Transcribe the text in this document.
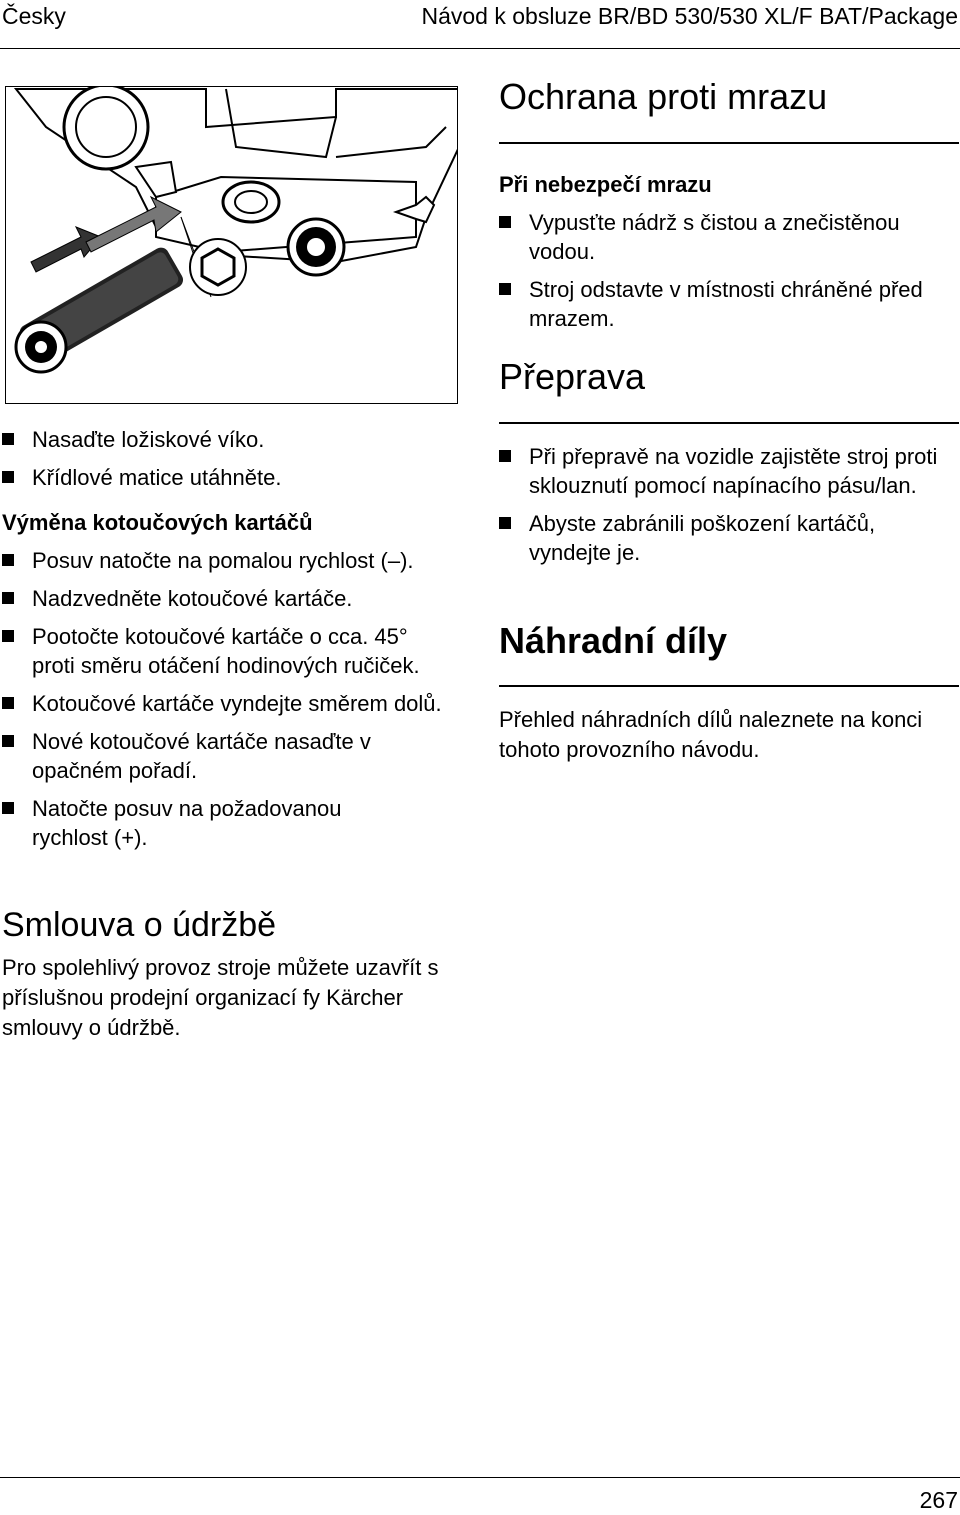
Česky	Návod k obsluze BR/BD 530/530 XL/F BAT/Package
Nasaďte ložiskové víko.
Křídlové matice utáhněte.
Výměna kotoučových kartáčů
Posuv natočte na pomalou rychlost (–).
Nadzvedněte kotoučové kartáče.
Pootočte kotoučové kartáče o cca. 45° proti směru otáčení hodinových ručiček.
Kotoučové kartáče vyndejte směrem dolů.
Nové kotoučové kartáče nasaďte v opačném pořadí.
Natočte posuv na požadovanou rychlost (+).
Smlouva o údržbě

Pro spolehlivý provoz stroje můžete uzavřít s příslušnou prodejní organizací fy Kärcher smlouvy o údržbě.

Ochrana proti mrazu
Při nebezpečí mrazu
Vypusťte nádrž s čistou a znečistěnou vodou.
Stroj odstavte v místnosti chráněné před mrazem.
Přeprava
Při přepravě na vozidle zajistěte stroj proti sklouznutí pomocí napínacího pásu/lan.
Abyste zabránili poškození kartáčů, vyndejte je.
Náhradní díly

Přehled náhradních dílů naleznete na konci tohoto provozního návodu.

267
